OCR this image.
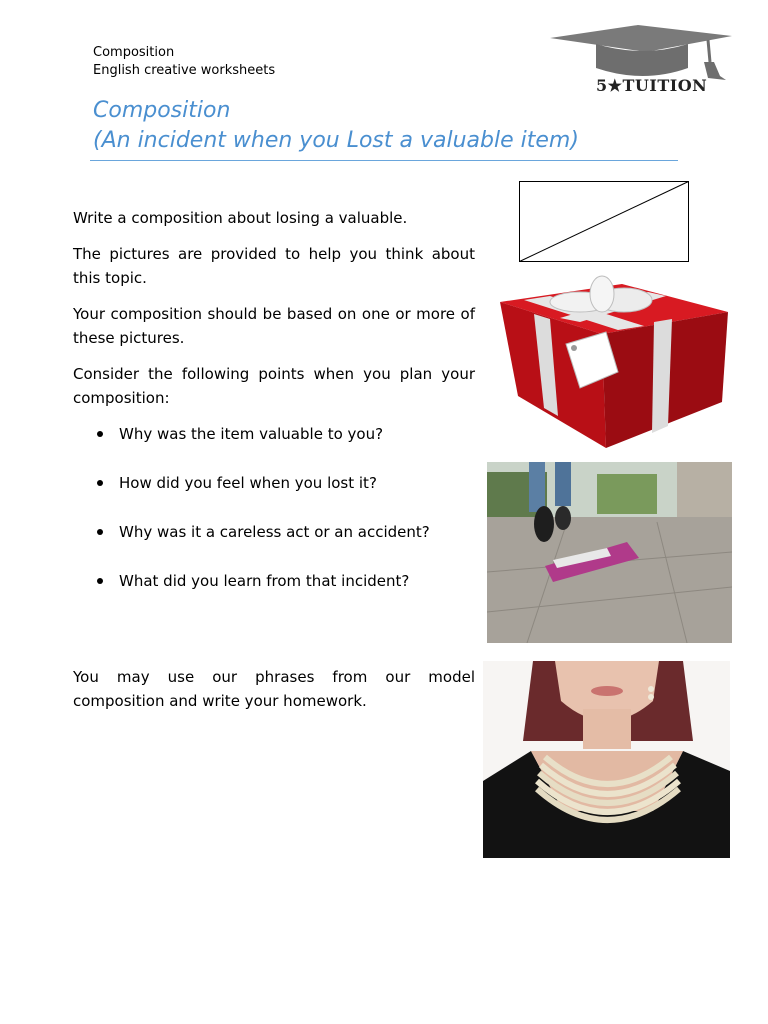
Composition
English creative worksheets
5★TUITION
Composition
(An incident when you Lost a valuable item)
Write a composition about losing a valuable.
The pictures are provided to help you think about this topic.
Your composition should be based on one or more of these pictures.
Consider the following points when you plan your composition:
Why was the item valuable to you?
How did you feel when you lost it?
Why was it a careless act or an accident?
What did you learn from that incident?
You may use our phrases from our model composition and write your homework.
